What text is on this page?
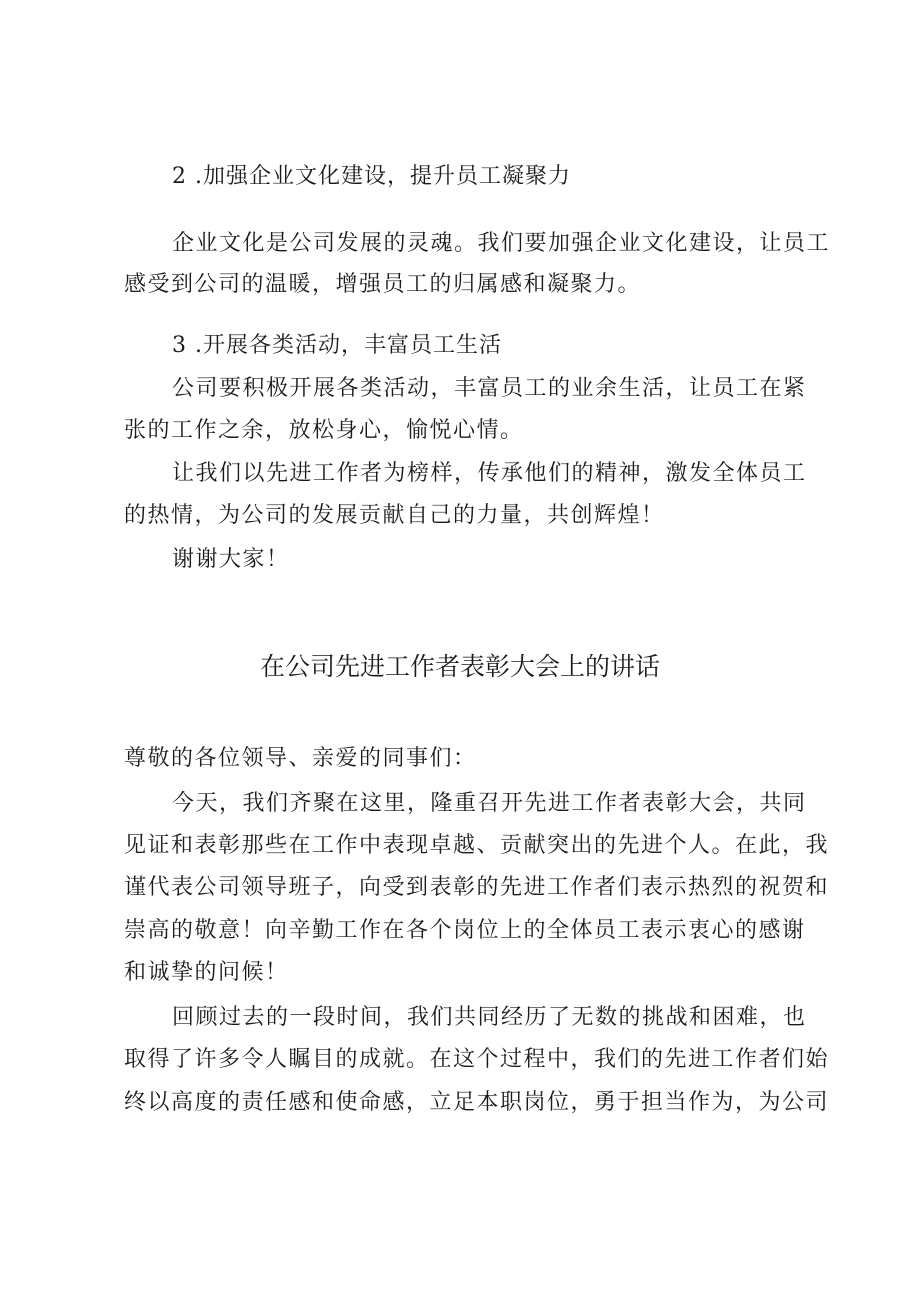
2 .加强企业文化建设，提升员工凝聚力
企业文化是公司发展的灵魂。我们要加强企业文化建设，让员工
感受到公司的温暖，增强员工的归属感和凝聚力。
3 .开展各类活动，丰富员工生活
公司要积极开展各类活动，丰富员工的业余生活，让员工在紧
张的工作之余，放松身心，愉悦心情。
让我们以先进工作者为榜样，传承他们的精神，激发全体员工
的热情，为公司的发展贡献自己的力量，共创辉煌！
谢谢大家！
在公司先进工作者表彰大会上的讲话
尊敬的各位领导、亲爱的同事们：
今天，我们齐聚在这里，隆重召开先进工作者表彰大会，共同
见证和表彰那些在工作中表现卓越、贡献突出的先进个人。在此，我
谨代表公司领导班子，向受到表彰的先进工作者们表示热烈的祝贺和
崇高的敬意！向辛勤工作在各个岗位上的全体员工表示衷心的感谢
和诚挚的问候！
回顾过去的一段时间，我们共同经历了无数的挑战和困难，也
取得了许多令人瞩目的成就。在这个过程中，我们的先进工作者们始
终以高度的责任感和使命感，立足本职岗位，勇于担当作为，为公司
